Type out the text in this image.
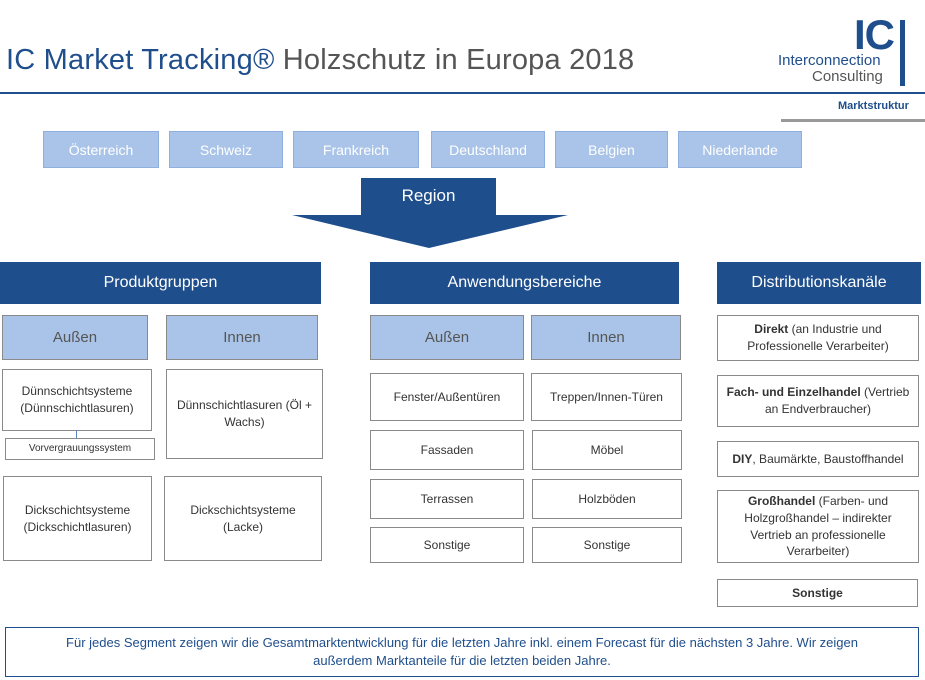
IC Market Tracking® Holzschutz in Europa 2018
IC
Interconnection
Consulting
Marktstruktur
Österreich	Schweiz	Frankreich	Deutschland	Belgien	Niederlande
Region
Produktgruppen
Außen	Innen
Dünnschichtsysteme (Dünnschichtlasuren)
Vorvergrauungssystem
Dickschichtsysteme (Dickschichtlasuren)
Dünnschichtlasuren (Öl + Wachs)
Dickschichtsysteme (Lacke)
Anwendungsbereiche
Außen	Innen
Fenster/Außentüren
Fassaden
Terrassen
Sonstige
Treppen/Innen-Türen
Möbel
Holzböden
Sonstige
Distributionskanäle
Direkt (an Industrie und Professionelle Verarbeiter)
Fach- und Einzelhandel (Vertrieb an Endverbraucher)
DIY, Baumärkte, Baustoffhandel
Großhandel (Farben- und Holzgroßhandel – indirekter Vertrieb an professionelle Verarbeiter)
Sonstige
Für jedes Segment zeigen wir die Gesamtmarktentwicklung für die letzten Jahre inkl. einem Forecast für die nächsten 3 Jahre. Wir zeigen außerdem Marktanteile für die letzten beiden Jahre.
